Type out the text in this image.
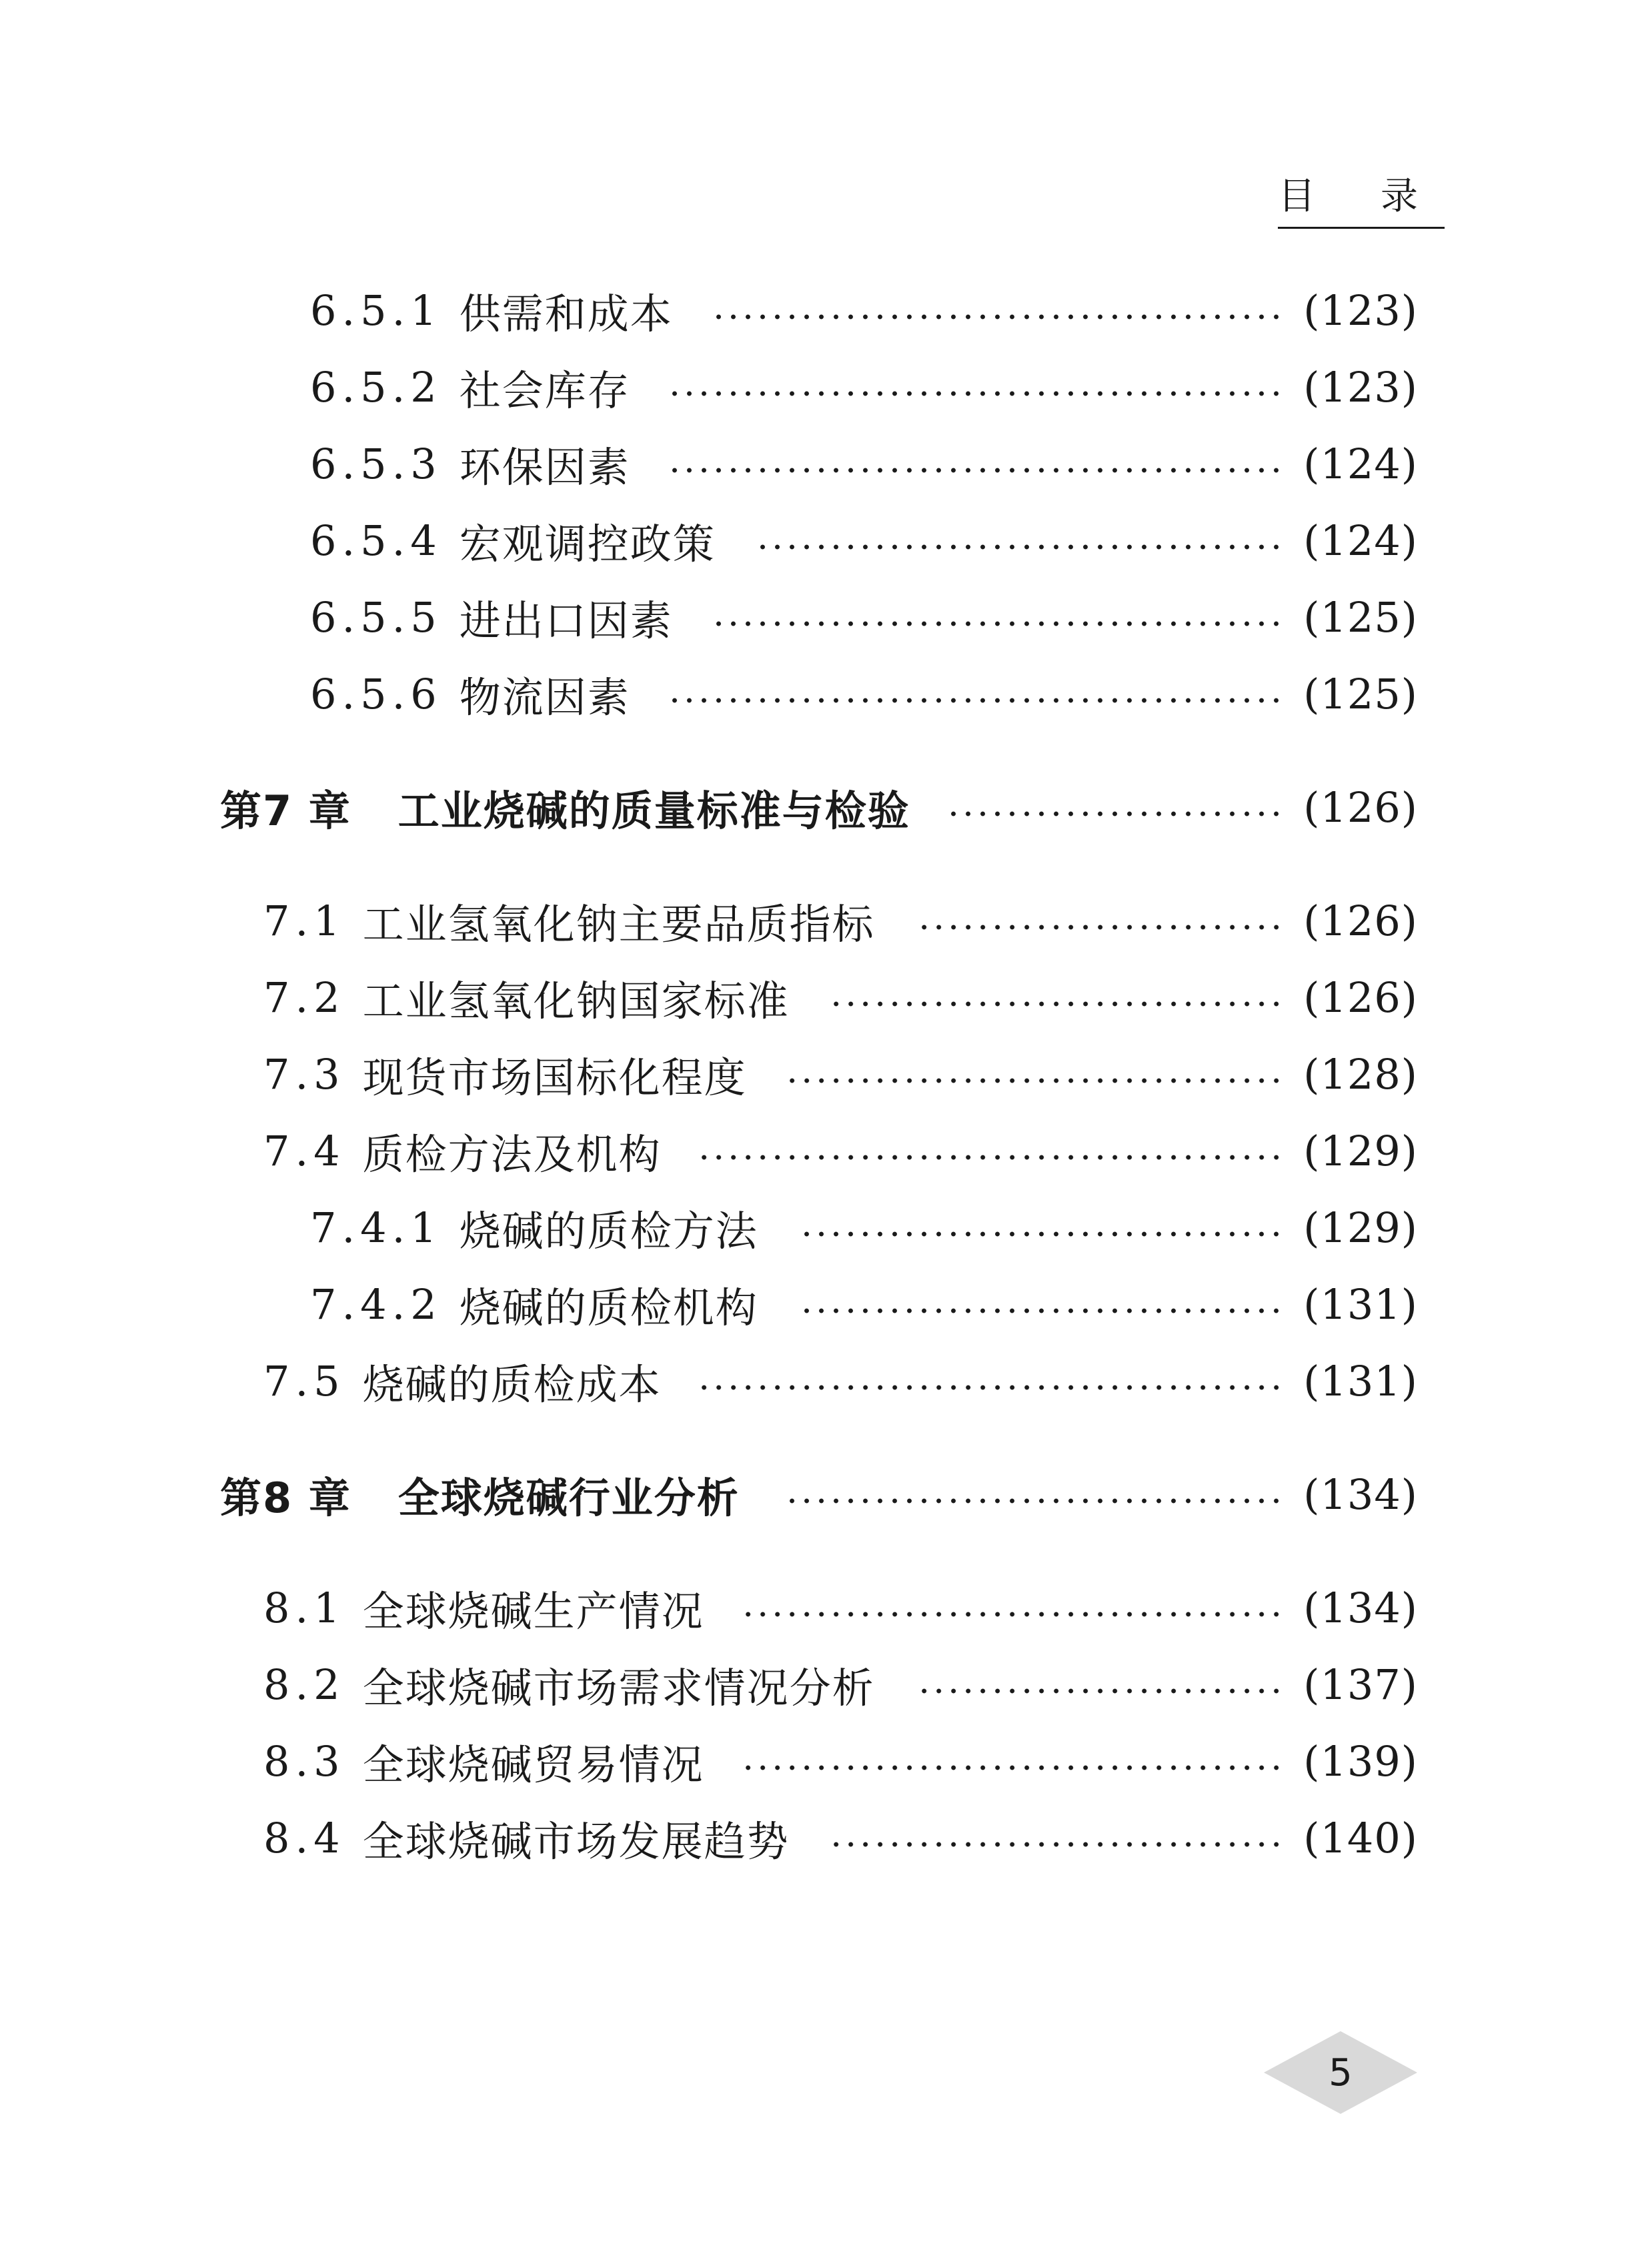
目 录
6.5.1 供需和成本	(123)
6.5.2 社会库存	(123)
6.5.3 环保因素	(124)
6.5.4 宏观调控政策	(124)
6.5.5 进出口因素	(125)
6.5.6 物流因素	(125)
第7 章 工业烧碱的质量标准与检验	(126)
7.1 工业氢氧化钠主要品质指标	(126)
7.2 工业氢氧化钠国家标准	(126)
7.3 现货市场国标化程度	(128)
7.4 质检方法及机构	(129)
7.4.1 烧碱的质检方法	(129)
7.4.2 烧碱的质检机构	(131)
7.5 烧碱的质检成本	(131)
第8 章 全球烧碱行业分析	(134)
8.1 全球烧碱生产情况	(134)
8.2 全球烧碱市场需求情况分析	(137)
8.3 全球烧碱贸易情况	(139)
8.4 全球烧碱市场发展趋势	(140)
5
